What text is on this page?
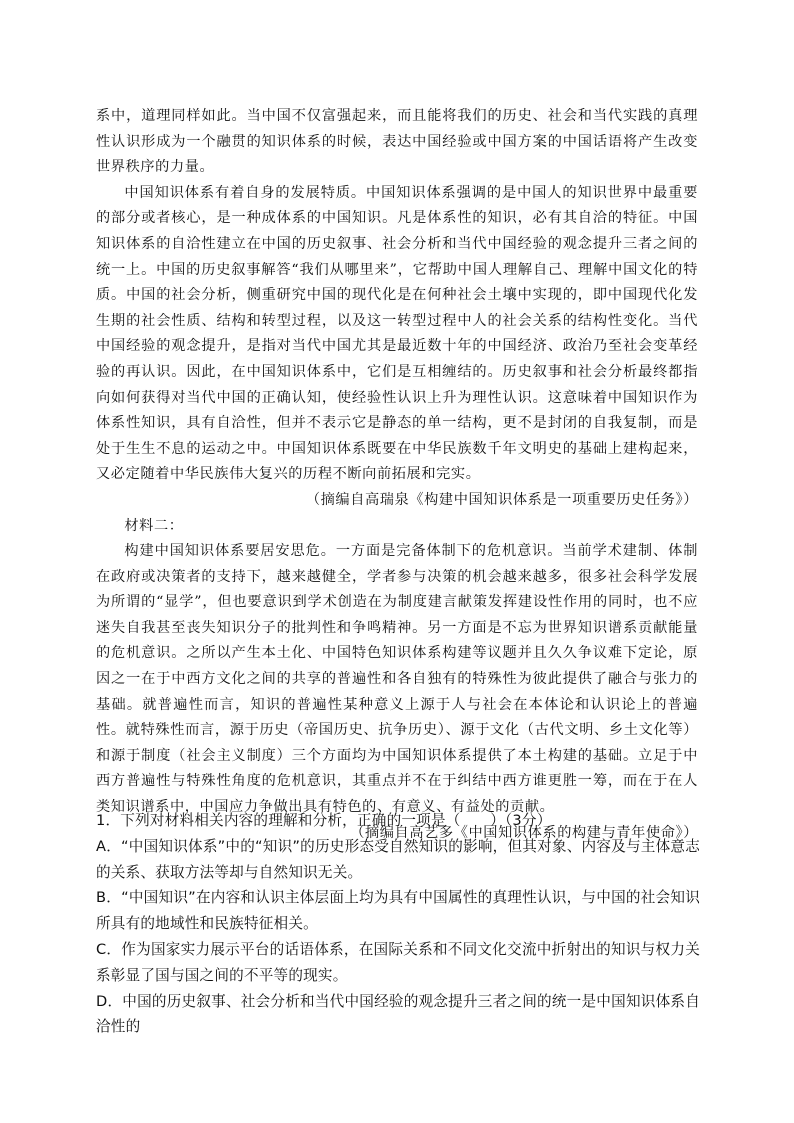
系中，道理同样如此。当中国不仅富强起来，而且能将我们的历史、社会和当代实践的真理性认识形成为一个融贯的知识体系的时候，表达中国经验或中国方案的中国话语将产生改变世界秩序的力量。

中国知识体系有着自身的发展特质。中国知识体系强调的是中国人的知识世界中最重要的部分或者核心，是一种成体系的中国知识。凡是体系性的知识，必有其自洽的特征。中国知识体系的自洽性建立在中国的历史叙事、社会分析和当代中国经验的观念提升三者之间的统一上。中国的历史叙事解答“我们从哪里来”，它帮助中国人理解自己、理解中国文化的特质。中国的社会分析，侧重研究中国的现代化是在何种社会土壤中实现的，即中国现代化发生期的社会性质、结构和转型过程，以及这一转型过程中人的社会关系的结构性变化。当代中国经验的观念提升，是指对当代中国尤其是最近数十年的中国经济、政治乃至社会变革经验的再认识。因此，在中国知识体系中，它们是互相缠结的。历史叙事和社会分析最终都指向如何获得对当代中国的正确认知，使经验性认识上升为理性认识。这意味着中国知识作为体系性知识，具有自洽性，但并不表示它是静态的单一结构，更不是封闭的自我复制，而是处于生生不息的运动之中。中国知识体系既要在中华民族数千年文明史的基础上建构起来，又必定随着中华民族伟大复兴的历程不断向前拓展和完实。

（摘编自高瑞泉《构建中国知识体系是一项重要历史任务》）

材料二：

构建中国知识体系要居安思危。一方面是完备体制下的危机意识。当前学术建制、体制在政府或决策者的支持下，越来越健全，学者参与决策的机会越来越多，很多社会科学发展为所谓的“显学”，但也要意识到学术创造在为制度建言献策发挥建设性作用的同时，也不应迷失自我甚至丧失知识分子的批判性和争鸣精神。另一方面是不忘为世界知识谱系贡献能量的危机意识。之所以产生本土化、中国特色知识体系构建等议题并且久久争议难下定论，原因之一在于中西方文化之间的共享的普遍性和各自独有的特殊性为彼此提供了融合与张力的基础。就普遍性而言，知识的普遍性某种意义上源于人与社会在本体论和认识论上的普遍性。就特殊性而言，源于历史（帝国历史、抗争历史）、源于文化（古代文明、乡土文化等）和源于制度（社会主义制度）三个方面均为中国知识体系提供了本土构建的基础。立足于中西方普遍性与特殊性角度的危机意识，其重点并不在于纠结中西方谁更胜一筹，而在于在人类知识谱系中，中国应力争做出具有特色的、有意义、有益处的贡献。

（摘编自高艺多《中国知识体系的构建与青年使命》）

1．下列对材料相关内容的理解和分析，正确的一项是（　　）（3分）

A．“中国知识体系”中的“知识”的历史形态受自然知识的影响，但其对象、内容及与主体意志的关系、获取方法等却与自然知识无关。

B．“中国知识”在内容和认识主体层面上均为具有中国属性的真理性认识，与中国的社会知识所具有的地域性和民族特征相关。

C．作为国家实力展示平台的话语体系，在国际关系和不同文化交流中折射出的知识与权力关系彰显了国与国之间的不平等的现实。

D．中国的历史叙事、社会分析和当代中国经验的观念提升三者之间的统一是中国知识体系自洽性的
